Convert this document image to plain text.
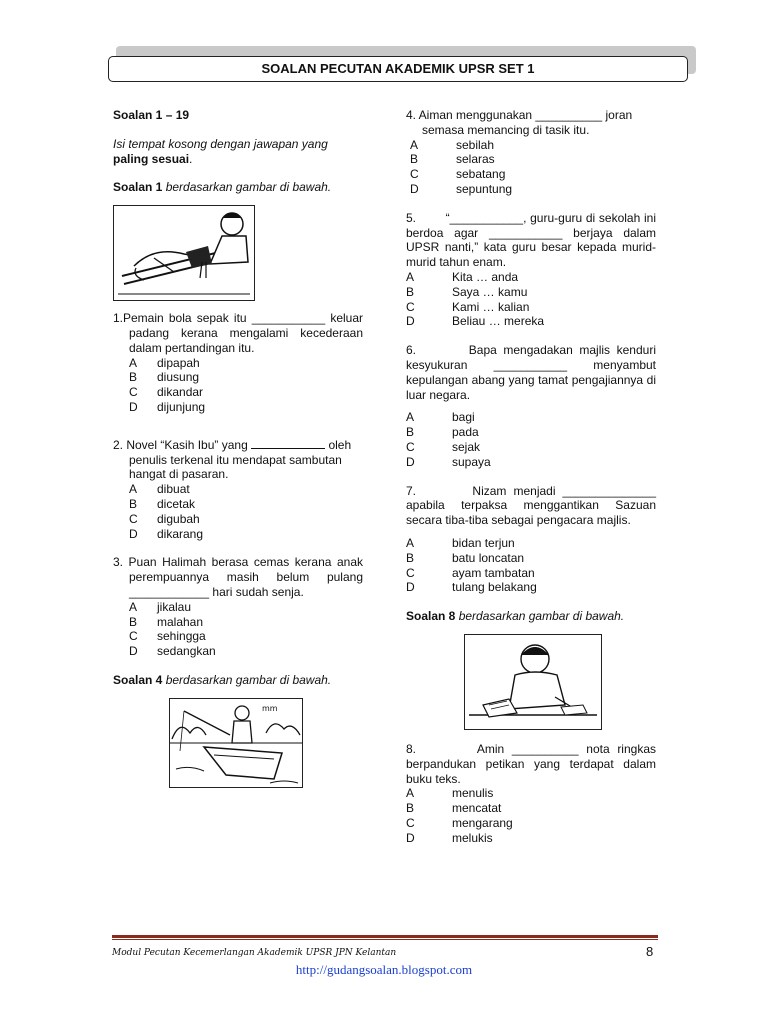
SOALAN PECUTAN AKADEMIK UPSR SET 1

Soalan 1 – 19

Isi tempat kosong dengan jawapan yang paling sesuai.

Soalan 1 berdasarkan gambar di bawah.

1.Pemain bola sepak itu ___________ keluar padang kerana mengalami kecederaan dalam pertandingan itu.

A	dipapah
B	diusung
C	dikandar
D	dijunjung

2. Novel “Kasih Ibu” yang	oleh penulis terkenal itu mendapat sambutan hangat di pasaran.

A	dibuat
B	dicetak
C	digubah
D	dikarang

3. Puan Halimah berasa cemas kerana anak perempuannya masih belum pulang ____________ hari sudah senja.

A	jikalau
B	malahan
C	sehingga
D	sedangkan

Soalan 4 berdasarkan gambar di bawah.

mm

4. Aiman menggunakan __________ joran semasa memancing di tasik itu.

A	sebilah
B	selaras
C	sebatang
D	sepuntung

5.        “___________, guru-guru di sekolah ini berdoa agar ___________ berjaya dalam UPSR nanti,” kata guru besar kepada murid-murid tahun enam.

A	Kita … anda
B	Saya … kamu
C	Kami … kalian
D	Beliau … mereka

6.        Bapa mengadakan majlis kenduri kesyukuran ___________ menyambut kepulangan abang yang tamat pengajiannya di luar negara.

A	bagi
B	pada
C	sejak
D	supaya

7.        Nizam menjadi ______________ apabila terpaksa menggantikan Sazuan secara tiba-tiba sebagai pengacara majlis.

A	bidan terjun
B	batu loncatan
C	ayam tambatan
D	tulang belakang

Soalan 8 berdasarkan gambar di bawah.

8.        Amin __________ nota ringkas berpandukan petikan yang terdapat dalam buku teks.

A	menulis
B	mencatat
C	mengarang
D	melukis
Modul Pecutan Kecemerlangan Akademik UPSR JPN Kelantan	8
http://gudangsoalan.blogspot.com
